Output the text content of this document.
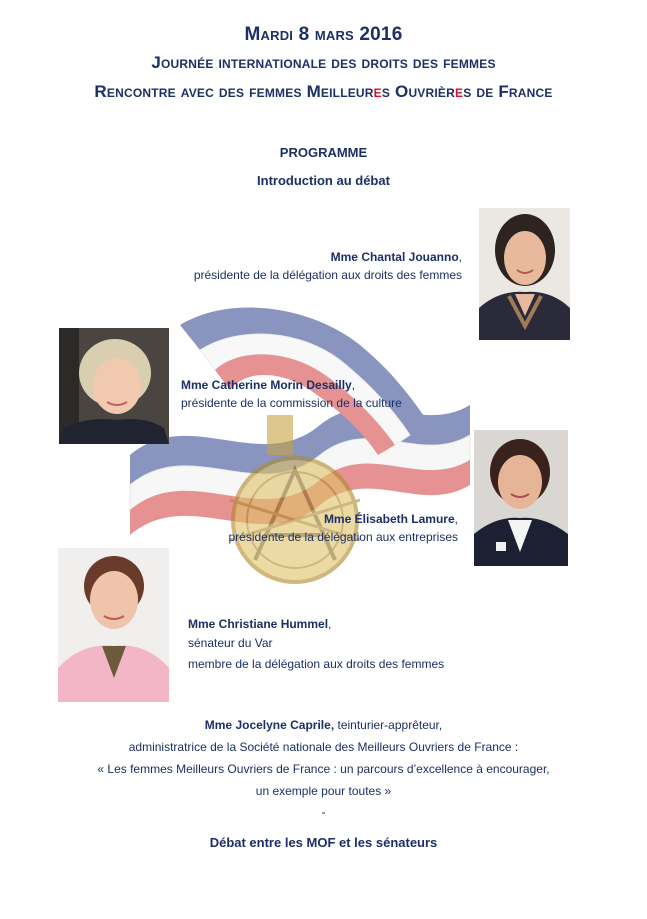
Mardi 8 mars 2016
Journée internationale des droits des femmes
Rencontre avec des femmes Meilleures Ouvrières de France
PROGRAMME
Introduction au débat
Mme Chantal Jouanno,
présidente de la délégation aux droits des femmes
Mme Catherine Morin Desailly,
présidente de la commission de la culture
Mme Élisabeth Lamure,
présidente de la délégation aux entreprises
Mme Christiane Hummel,
sénateur du Var
membre de la délégation aux droits des femmes
Mme Jocelyne Caprile, teinturier-apprêteur,
administratrice de la Société nationale des Meilleurs Ouvriers de France :
« Les femmes Meilleurs Ouvriers de France : un parcours d’excellence à encourager,
un exemple pour toutes »
-
Débat entre les MOF et les sénateurs
